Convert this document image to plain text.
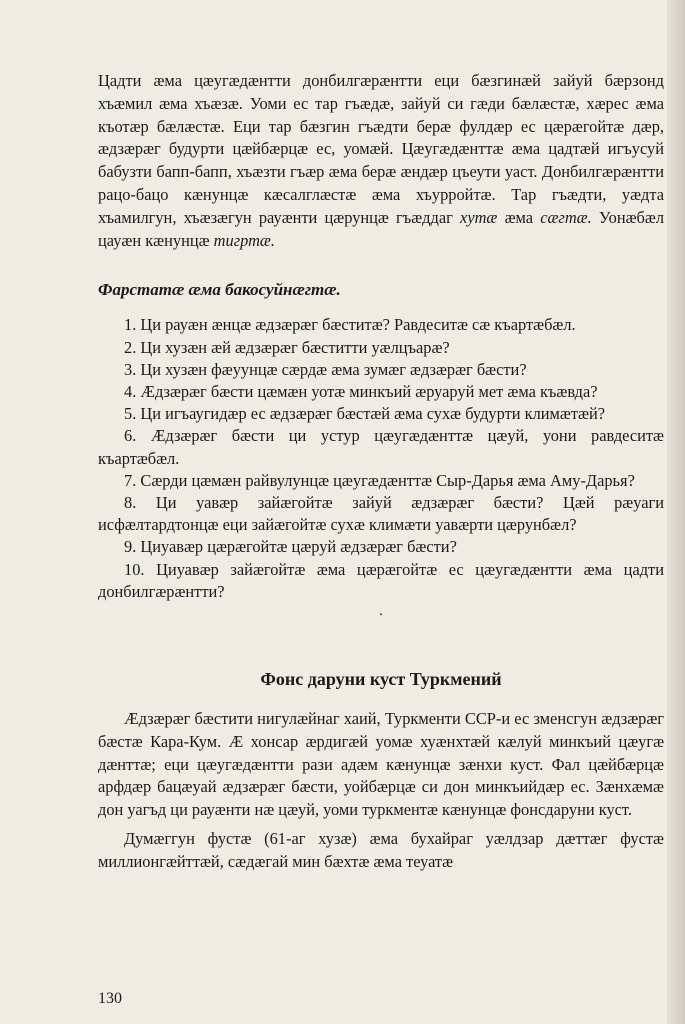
Цадти æма цæугæдæнтти донбилгæрæнтти еци бæзгинæй зайуй бæрзонд хъæмил æма хъæзæ. Уоми ес тар гъæдæ, зайуй си гæди бæлæстæ, хæрес æма къотæр бæлæстæ. Еци тар бæзгин гъæдти берæ фулдæр ес цæрæгойтæ дæр, æдзæрæг будурти цæйбæрцæ ес, уомæй. Цæугæдæнттæ æма цадтæй игъусуй бабузти бапп-бапп, хъæзти гъæр æма берæ æндæр цъеути уаст. Донбилгæрæнтти рацо-бацо кæнунцæ кæсалглæстæ æма хъурройтæ. Тар гъæдти, уæдта хъамилгун, хъæзæгун рауæнти цæрунцæ гъæддаг хутæ æма сæгтæ. Уонæбæл цауæн кæнунцæ тигртæ.

Фарстатæ æма бакосуйнæгтæ.
1. Ци рауæн æнцæ æдзæрæг бæститæ? Равдеситæ сæ къартæбæл.
2. Ци хузæн æй æдзæрæг бæститти уæлцъарæ?
3. Ци хузæн фæуунцæ сæрдæ æма зумæг æдзæрæг бæсти?
4. Æдзæрæг бæсти цæмæн уотæ минкъий æруаруй мет æма къæвда?
5. Ци игъаугидæр ес æдзæрæг бæстæй æма сухæ будурти климæтæй?
6. Æдзæрæг бæсти ци устур цæугæдæнттæ цæуй, уони равдеситæ къартæбæл.
7. Сæрди цæмæн райвулунцæ цæугæдæнттæ Сыр-Дарья æма Аму-Дарья?
8. Ци уавæр зайæгойтæ зайуй æдзæрæг бæсти? Цæй рæуаги исфæлтардтонцæ еци зайæгойтæ сухæ климæти уавæрти цæрунбæл?
9. Циуавæр цæрæгойтæ цæруй æдзæрæг бæсти?
10. Циуавæр зайæгойтæ æма цæрæгойтæ ес цæугæдæнтти æма цадти донбилгæрæнтти?
•
Фонс даруни куст Туркмений

Æдзæрæг бæстити нигулæйнаг хаий, Туркменти ССР-и ес зменсгун æдзæрæг бæстæ Кара-Кум. Æ хонсар æрдигæй уомæ хуæнхтæй кæлуй минкъий цæугæ дæнттæ; еци цæугæдæнтти рази адæм кæнунцæ зæнхи куст. Фал цæйбæрцæ арфдæр бацæуай æдзæрæг бæсти, уойбæрцæ си дон минкъийдæр ес. Зæнхæмæ дон уагъд ци рауæнти нæ цæуй, уоми туркментæ кæнунцæ фонсдаруни куст.

Думæггун фустæ (61-аг хузæ) æма бухайраг уæлдзар дæттæг фустæ миллионгæйттæй, сæдæгай мин бæхтæ æма теуатæ

130
